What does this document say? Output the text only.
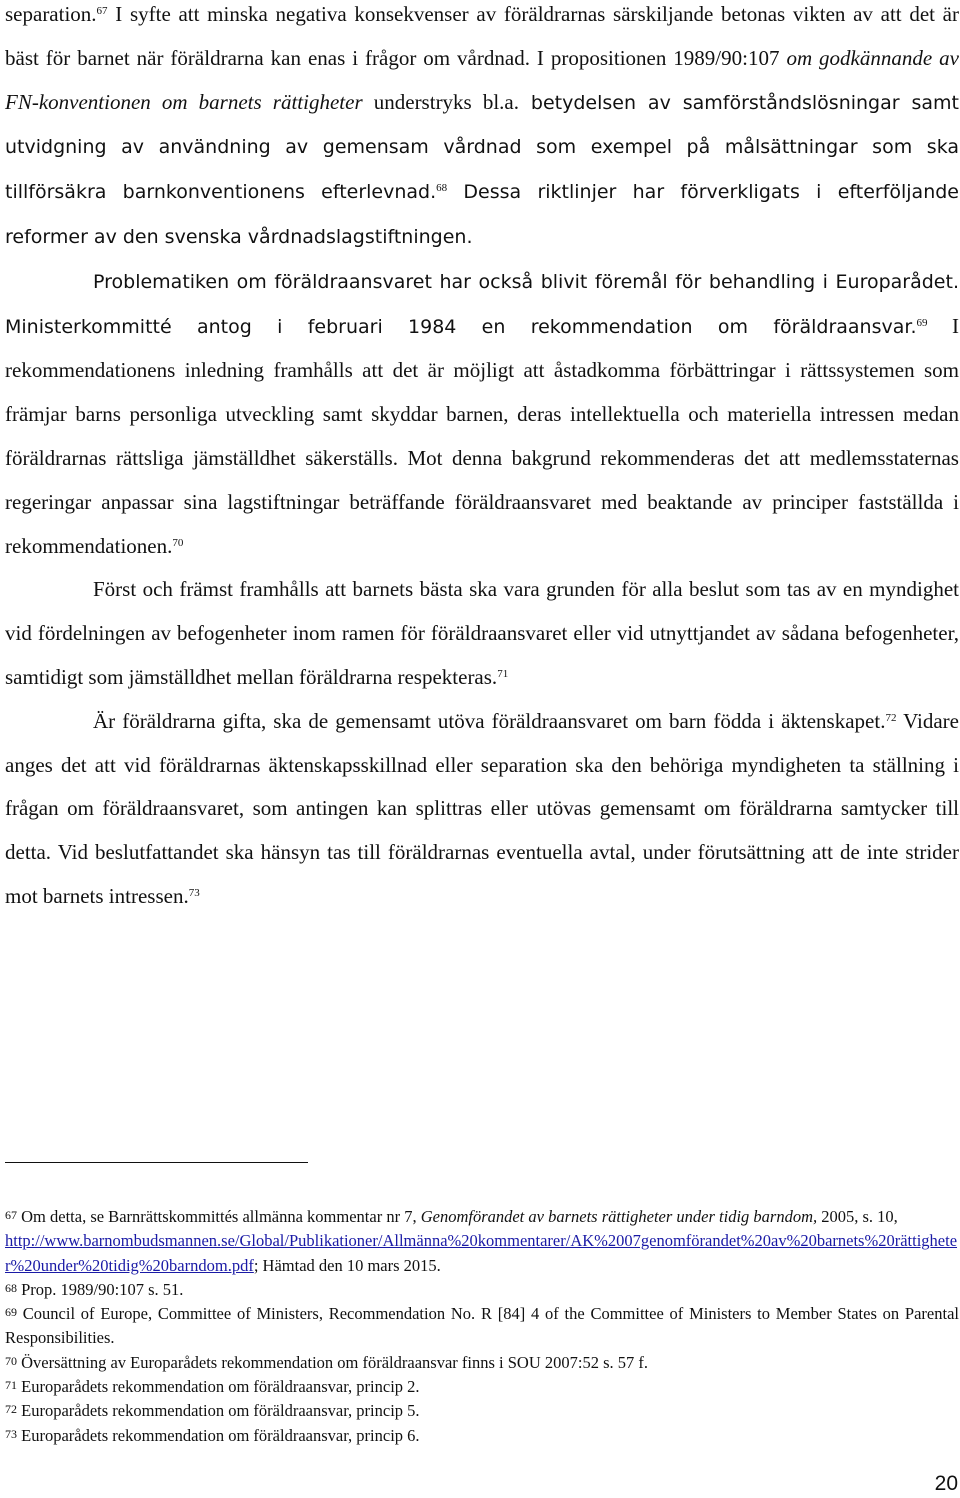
separation.$^{67}$ I syfte att minska negativa konsekvenser av föräldrarnas särskiljande betonas vikten av att det är bäst för barnet när föräldrarna kan enas i frågor om vårdnad. I propositionen 1989/90:107 om godkännande av FN-konventionen om barnets rättigheter understryks bl.a. betydelsen av samförståndslösningar samt utvidgning av användning av gemensam vårdnad som exempel på målsättningar som ska tillförsäkra barnkonventionens efterlevnad.$^{68}$ Dessa riktlinjer har förverkligats i efterföljande reformer av den svenska vårdnadslagstiftningen.

Problematiken om föräldraansvaret har också blivit föremål för behandling i Europarådet. Ministerkommitté antog i februari 1984 en rekommendation om föräldraansvar.$^{69}$ I rekommendationens inledning framhålls att det är möjligt att åstadkomma förbättringar i rättssystemen som främjar barns personliga utveckling samt skyddar barnen, deras intellektuella och materiella intressen medan föräldrarnas rättsliga jämställdhet säkerställs. Mot denna bakgrund rekommenderas det att medlemsstaternas regeringar anpassar sina lagstiftningar beträffande föräldraansvaret med beaktande av principer fastställda i rekommendationen.$^{70}$

Först och främst framhålls att barnets bästa ska vara grunden för alla beslut som tas av en myndighet vid fördelningen av befogenheter inom ramen för föräldraansvaret eller vid utnyttjandet av sådana befogenheter, samtidigt som jämställdhet mellan föräldrarna respekteras.$^{71}$

Är föräldrarna gifta, ska de gemensamt utöva föräldraansvaret om barn födda i äktenskapet.$^{72}$ Vidare anges det att vid föräldrarnas äktenskapsskillnad eller separation ska den behöriga myndigheten ta ställning i frågan om föräldraansvaret, som antingen kan splittras eller utövas gemensamt om föräldrarna samtycker till detta. Vid beslutfattandet ska hänsyn tas till föräldrarnas eventuella avtal, under förutsättning att de inte strider mot barnets intressen.$^{73}$

$^{67}$ Om detta, se Barnrättskommittés allmänna kommentar nr 7, Genomförandet av barnets rättigheter under tidig barndom, 2005, s. 10,
http://www.barnombudsmannen.se/Global/Publikationer/Allmänna%20kommentarer/AK%2007genomförandet%20av%20barnets%20rättigheter%20under%20tidig%20barndom.pdf; Hämtad den 10 mars 2015.

$^{68}$ Prop. 1989/90:107 s. 51.

$^{69}$ Council of Europe, Committee of Ministers, Recommendation No. R [84] 4 of the Committee of Ministers to Member States on Parental Responsibilities.

$^{70}$ Översättning av Europarådets rekommendation om föräldraansvar finns i SOU 2007:52 s. 57 f.

$^{71}$ Europarådets rekommendation om föräldraansvar, princip 2.

$^{72}$ Europarådets rekommendation om föräldraansvar, princip 5.

$^{73}$ Europarådets rekommendation om föräldraansvar, princip 6.

20
